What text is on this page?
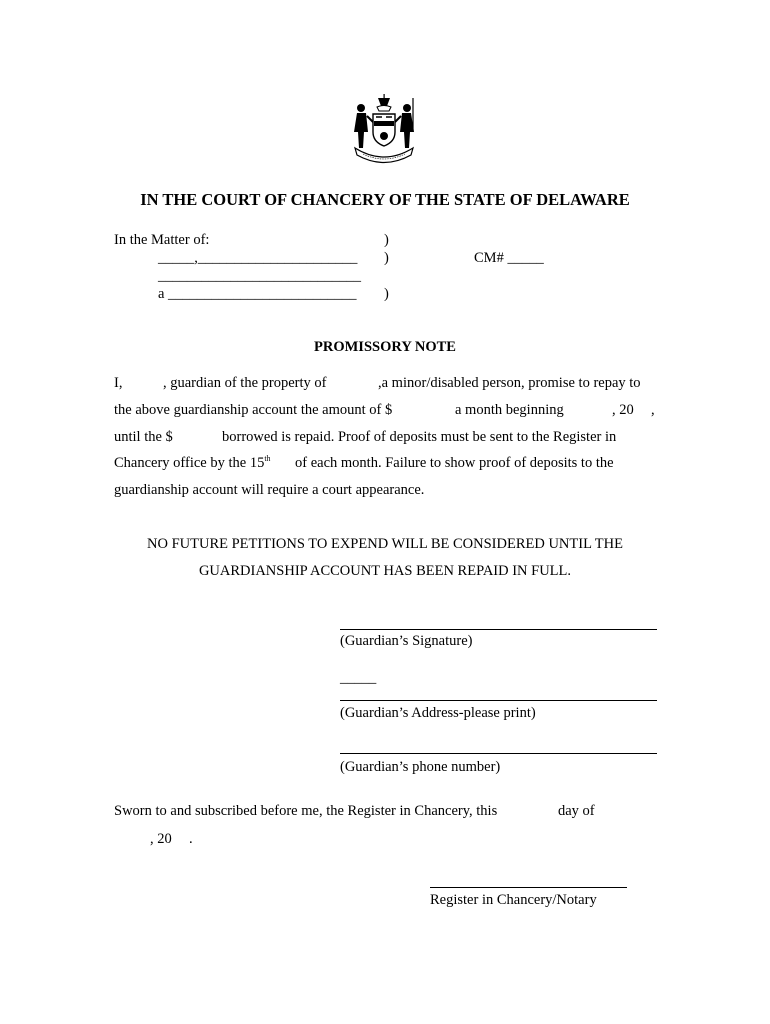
IN THE COURT OF CHANCERY OF THE STATE OF DELAWARE
In the Matter of:
_____,______________________
____________________________
a __________________________
)
)
)
CM# _____
PROMISSORY NOTE
I,	, guardian of the property of	,a minor/disabled person, promise to repay to
the above guardianship account the amount of $	a month beginning	, 20 ,
until the $	borrowed is repaid. Proof of deposits must be sent to the Register in
Chancery office by the 15th of each month. Failure to show proof of deposits to the
guardianship account will require a court appearance.
NO FUTURE PETITIONS TO EXPEND WILL BE CONSIDERED UNTIL THE
GUARDIANSHIP ACCOUNT HAS BEEN REPAID IN FULL.
(Guardian’s Signature)
_____
(Guardian’s Address-please print)
(Guardian’s phone number)
Sworn to and subscribed before me, the Register in Chancery, this	day of
, 20 .
Register in Chancery/Notary
